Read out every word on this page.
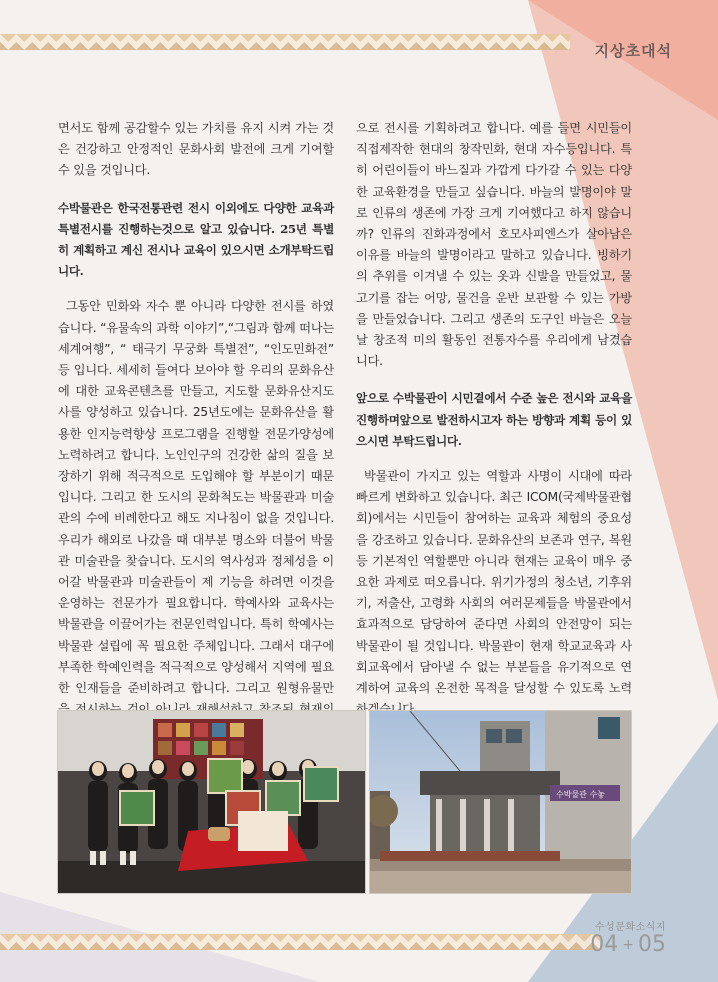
지상초대석

면서도 함께 공감할수 있는 가치를 유지 시켜 가는 것은 건강하고 안정적인 문화사회 발전에 크게 기여할 수 있을 것입니다.

수박물관은 한국전통관련 전시 이외에도 다양한 교육과 특별전시를 진행하는것으로 알고 있습니다. 25년 특별히 계획하고 계신 전시나 교육이 있으시면 소개부탁드립니다.

그동안 민화와 자수 뿐 아니라 다양한 전시를 하였습니다. “유물속의 과학 이야기”,“그림과 함께 떠나는 세계여행”, “ 태극기 무궁화 특별전”, “인도민화전” 등 입니다. 세세히 들여다 보아야 할 우리의 문화유산에 대한 교육콘텐츠를 만들고, 지도할 문화유산지도사를 양성하고 있습니다. 25년도에는 문화유산을 활용한 인지능력향상 프로그램을 진행할 전문가양성에 노력하려고 합니다. 노인인구의 건강한 삶의 질을 보장하기 위해 적극적으로 도입해야 할 부분이기 때문입니다. 그리고 한 도시의 문화척도는 박물관과 미술관의 수에 비례한다고 해도 지나침이 없을 것입니다. 우리가 해외로 나갔을 때 대부분 명소와 더불어 박물관 미술관을 찾습니다. 도시의 역사성과 정체성을 이어갈 박물관과 미술관들이 제 기능을 하려면 이것을 운영하는 전문가가 필요합니다. 학예사와 교육사는 박물관을 이끌어가는 전문인력입니다. 특히 학예사는 박물관 설립에 꼭 필요한 주체입니다. 그래서 대구에 부족한 학예인력을 적극적으로 양성해서 지역에 필요한 인재들을 준비하려고 합니다. 그리고 원형유물만

으로 전시를 기획하려고 합니다. 예를 들면 시민들이 직접제작한 현대의 창작민화, 현대 자수등입니다. 특히 어린이들이 바느질과 가깝게 다가갈 수 있는 다양한 교육환경을 만들고 싶습니다. 바늘의 발명이야 말로 인류의 생존에 가장 크게 기여했다고 하지 않습니까? 인류의 진화과정에서 호모사피엔스가 살아남은 이유를 바늘의 발명이라고 말하고 있습니다. 빙하기의 추위를 이겨낼 수 있는 옷과 신발을 만들었고, 물고기를 잡는 어망, 물건을 운반 보관할 수 있는 가방을 만들었습니다. 그리고 생존의 도구인 바늘은 오늘날 창조적 미의 활동인 전통자수를 우리에게 남겼습니다.

앞으로 수박물관이 시민곁에서 수준 높은 전시와 교육을 진행하며앞으로 발전하시고자 하는 방향과 계획 등이 있으시면 부탁드립니다.

박물관이 가지고 있는 역할과 사명이 시대에 따라 빠르게 변화하고 있습니다. 최근 ICOM(국제박물관협회)에서는 시민들이 참여하는 교육과 체험의 중요성을 강조하고 있습니다. 문화유산의 보존과 연구, 복원 등 기본적인 역할뿐만 아니라 현재는 교육이 매우 중요한 과제로 떠오릅니다. 위기가정의 청소년, 기후위기, 저출산, 고령화 사회의 여러문제들을 박물관에서 효과적으로 담당하여 준다면 사회의 안전망이 되는 박물관이 될 것입니다. 박물관이 현재 학교교육과 사회교육에서 담아낼 수 없는 부분들을 유기적으로 연계하여 교육의 온전한 목적을 달성할 수 있도록 노력하겠

수박물관 수놓
수성문화소식지
04 + 05
